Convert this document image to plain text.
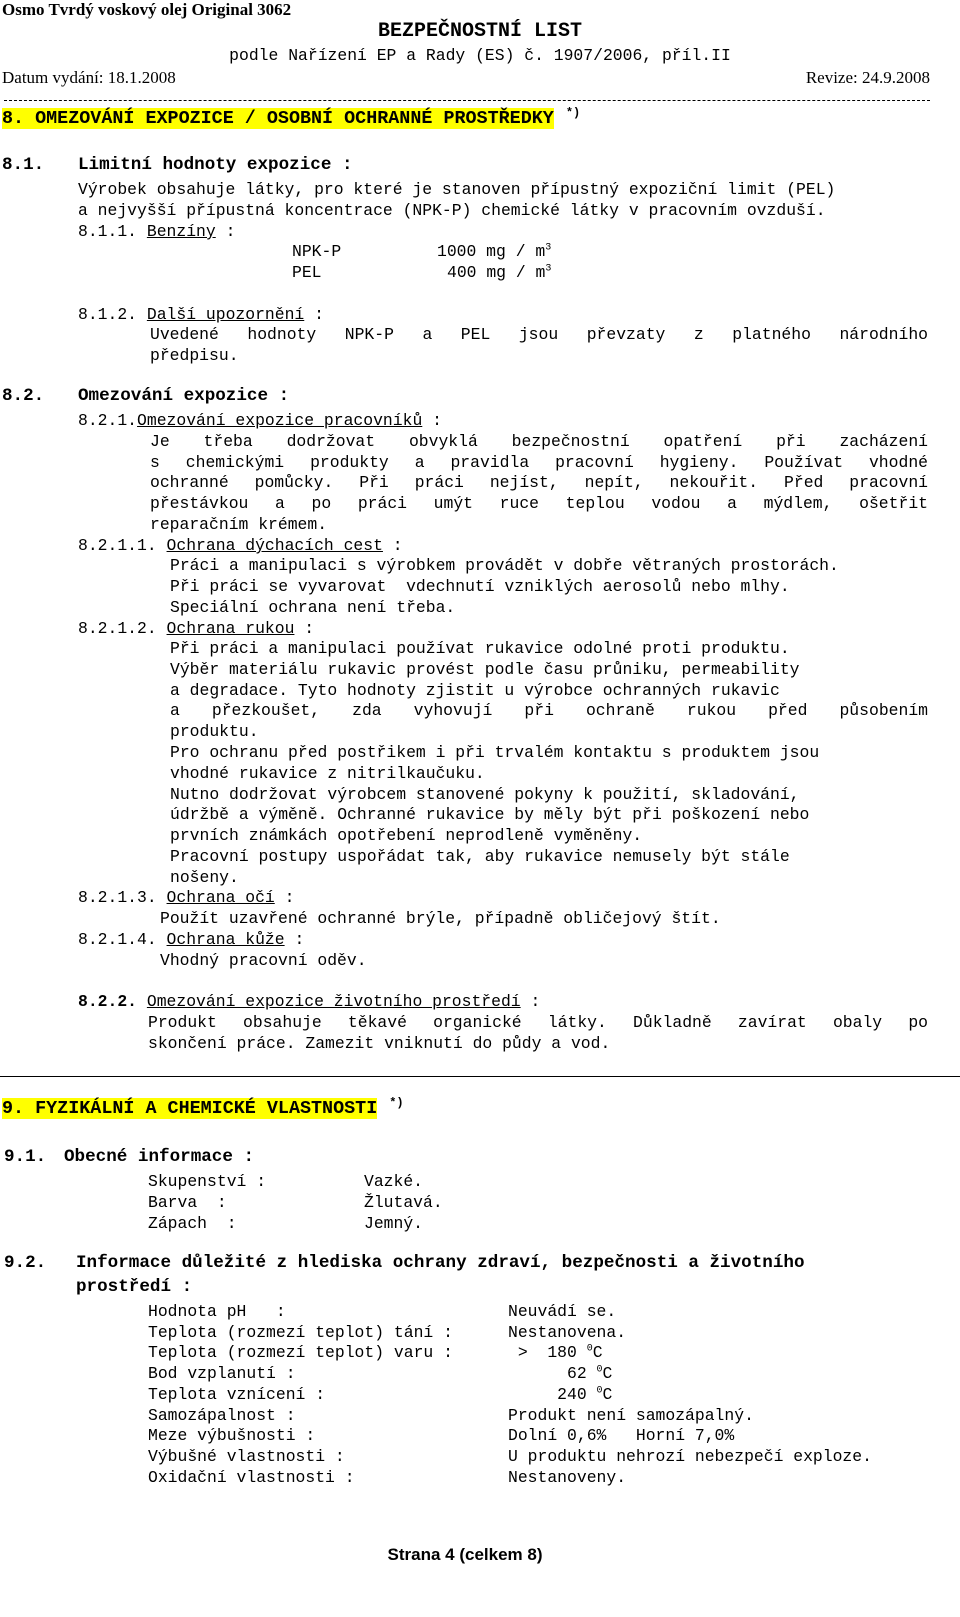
Osmo Tvrdý voskový olej Original 3062
BEZPEČNOSTNÍ LIST
podle Nařízení EP a Rady (ES) č. 1907/2006, příl.II
Datum vydání: 18.1.2008	Revize: 24.9.2008
8. OMEZOVÁNÍ EXPOZICE / OSOBNÍ OCHRANNÉ PROSTŘEDKY *)
8.1. Limitní hodnoty expozice :
Výrobek obsahuje látky, pro které je stanoven přípustný expoziční limit (PEL)
a nejvyšší přípustná koncentrace (NPK-P) chemické látky v pracovním ovzduší.
8.1.1. Benzíny :
NPK-P	1000 mg / $m^3$
PEL	400 mg / $m^3$
8.1.2. Další upozornění :
Uvedené hodnoty NPK-P a PEL jsou převzaty z platného národního
předpisu.
8.2. Omezování expozice :
8.2.1.Omezování expozice pracovníků :
Je třeba dodržovat obvyklá bezpečnostní opatření při zacházení
s chemickými produkty a pravidla pracovní hygieny. Používat vhodné
ochranné pomůcky. Při práci nejíst, nepít, nekouřit. Před pracovní
přestávkou a po práci umýt ruce teplou vodou a mýdlem, ošetřit
reparačním krémem.
8.2.1.1. Ochrana dýchacích cest :
Práci a manipulaci s výrobkem provádět v dobře větraných prostorách.
Při práci se vyvarovat  vdechnutí vzniklých aerosolů nebo mlhy.
Speciální ochrana není třeba.
8.2.1.2. Ochrana rukou :
Při práci a manipulaci používat rukavice odolné proti produktu.
Výběr materiálu rukavic provést podle času průniku, permeability
a degradace. Tyto hodnoty zjistit u výrobce ochranných rukavic
a přezkoušet, zda vyhovují při ochraně rukou před působením
produktu.
Pro ochranu před postřikem i při trvalém kontaktu s produktem jsou
vhodné rukavice z nitrilkaučuku.
Nutno dodržovat výrobcem stanovené pokyny k použití, skladování,
údržbě a výměně. Ochranné rukavice by měly být při poškození nebo
prvních známkách opotřebení neprodleně vyměněny.
Pracovní postupy uspořádat tak, aby rukavice nemusely být stále
nošeny.
8.2.1.3. Ochrana očí :
Použít uzavřené ochranné brýle, případně obličejový štít.
8.2.1.4. Ochrana kůže :
Vhodný pracovní oděv.
8.2.2. Omezování expozice životního prostředí :
Produkt obsahuje těkavé organické látky. Důkladně zavírat obaly po
skončení práce. Zamezit vniknutí do půdy a vod.
9. FYZIKÁLNÍ A CHEMICKÉ VLASTNOSTI *)
9.1. Obecné informace :
Skupenství :	Vazké.
Barva  :	Žlutavá.
Zápach  :	Jemný.
9.2. Informace důležité z hlediska ochrany zdraví, bezpečnosti a životního
prostředí :
Hodnota pH   :	Neuvádí se.
Teplota (rozmezí teplot) tání :	Nestanovena.
Teplota (rozmezí teplot) varu :	>  180 $^0$C
Bod vzplanutí :	62 $^0$C
Teplota vznícení :	240 $^0$C
Samozápalnost :	Produkt není samozápalný.
Meze výbušnosti :	Dolní 0,6%   Horní 7,0%
Výbušné vlastnosti :	U produktu nehrozí nebezpečí exploze.
Oxidační vlastnosti :	Nestanoveny.
Strana 4 (celkem 8)
